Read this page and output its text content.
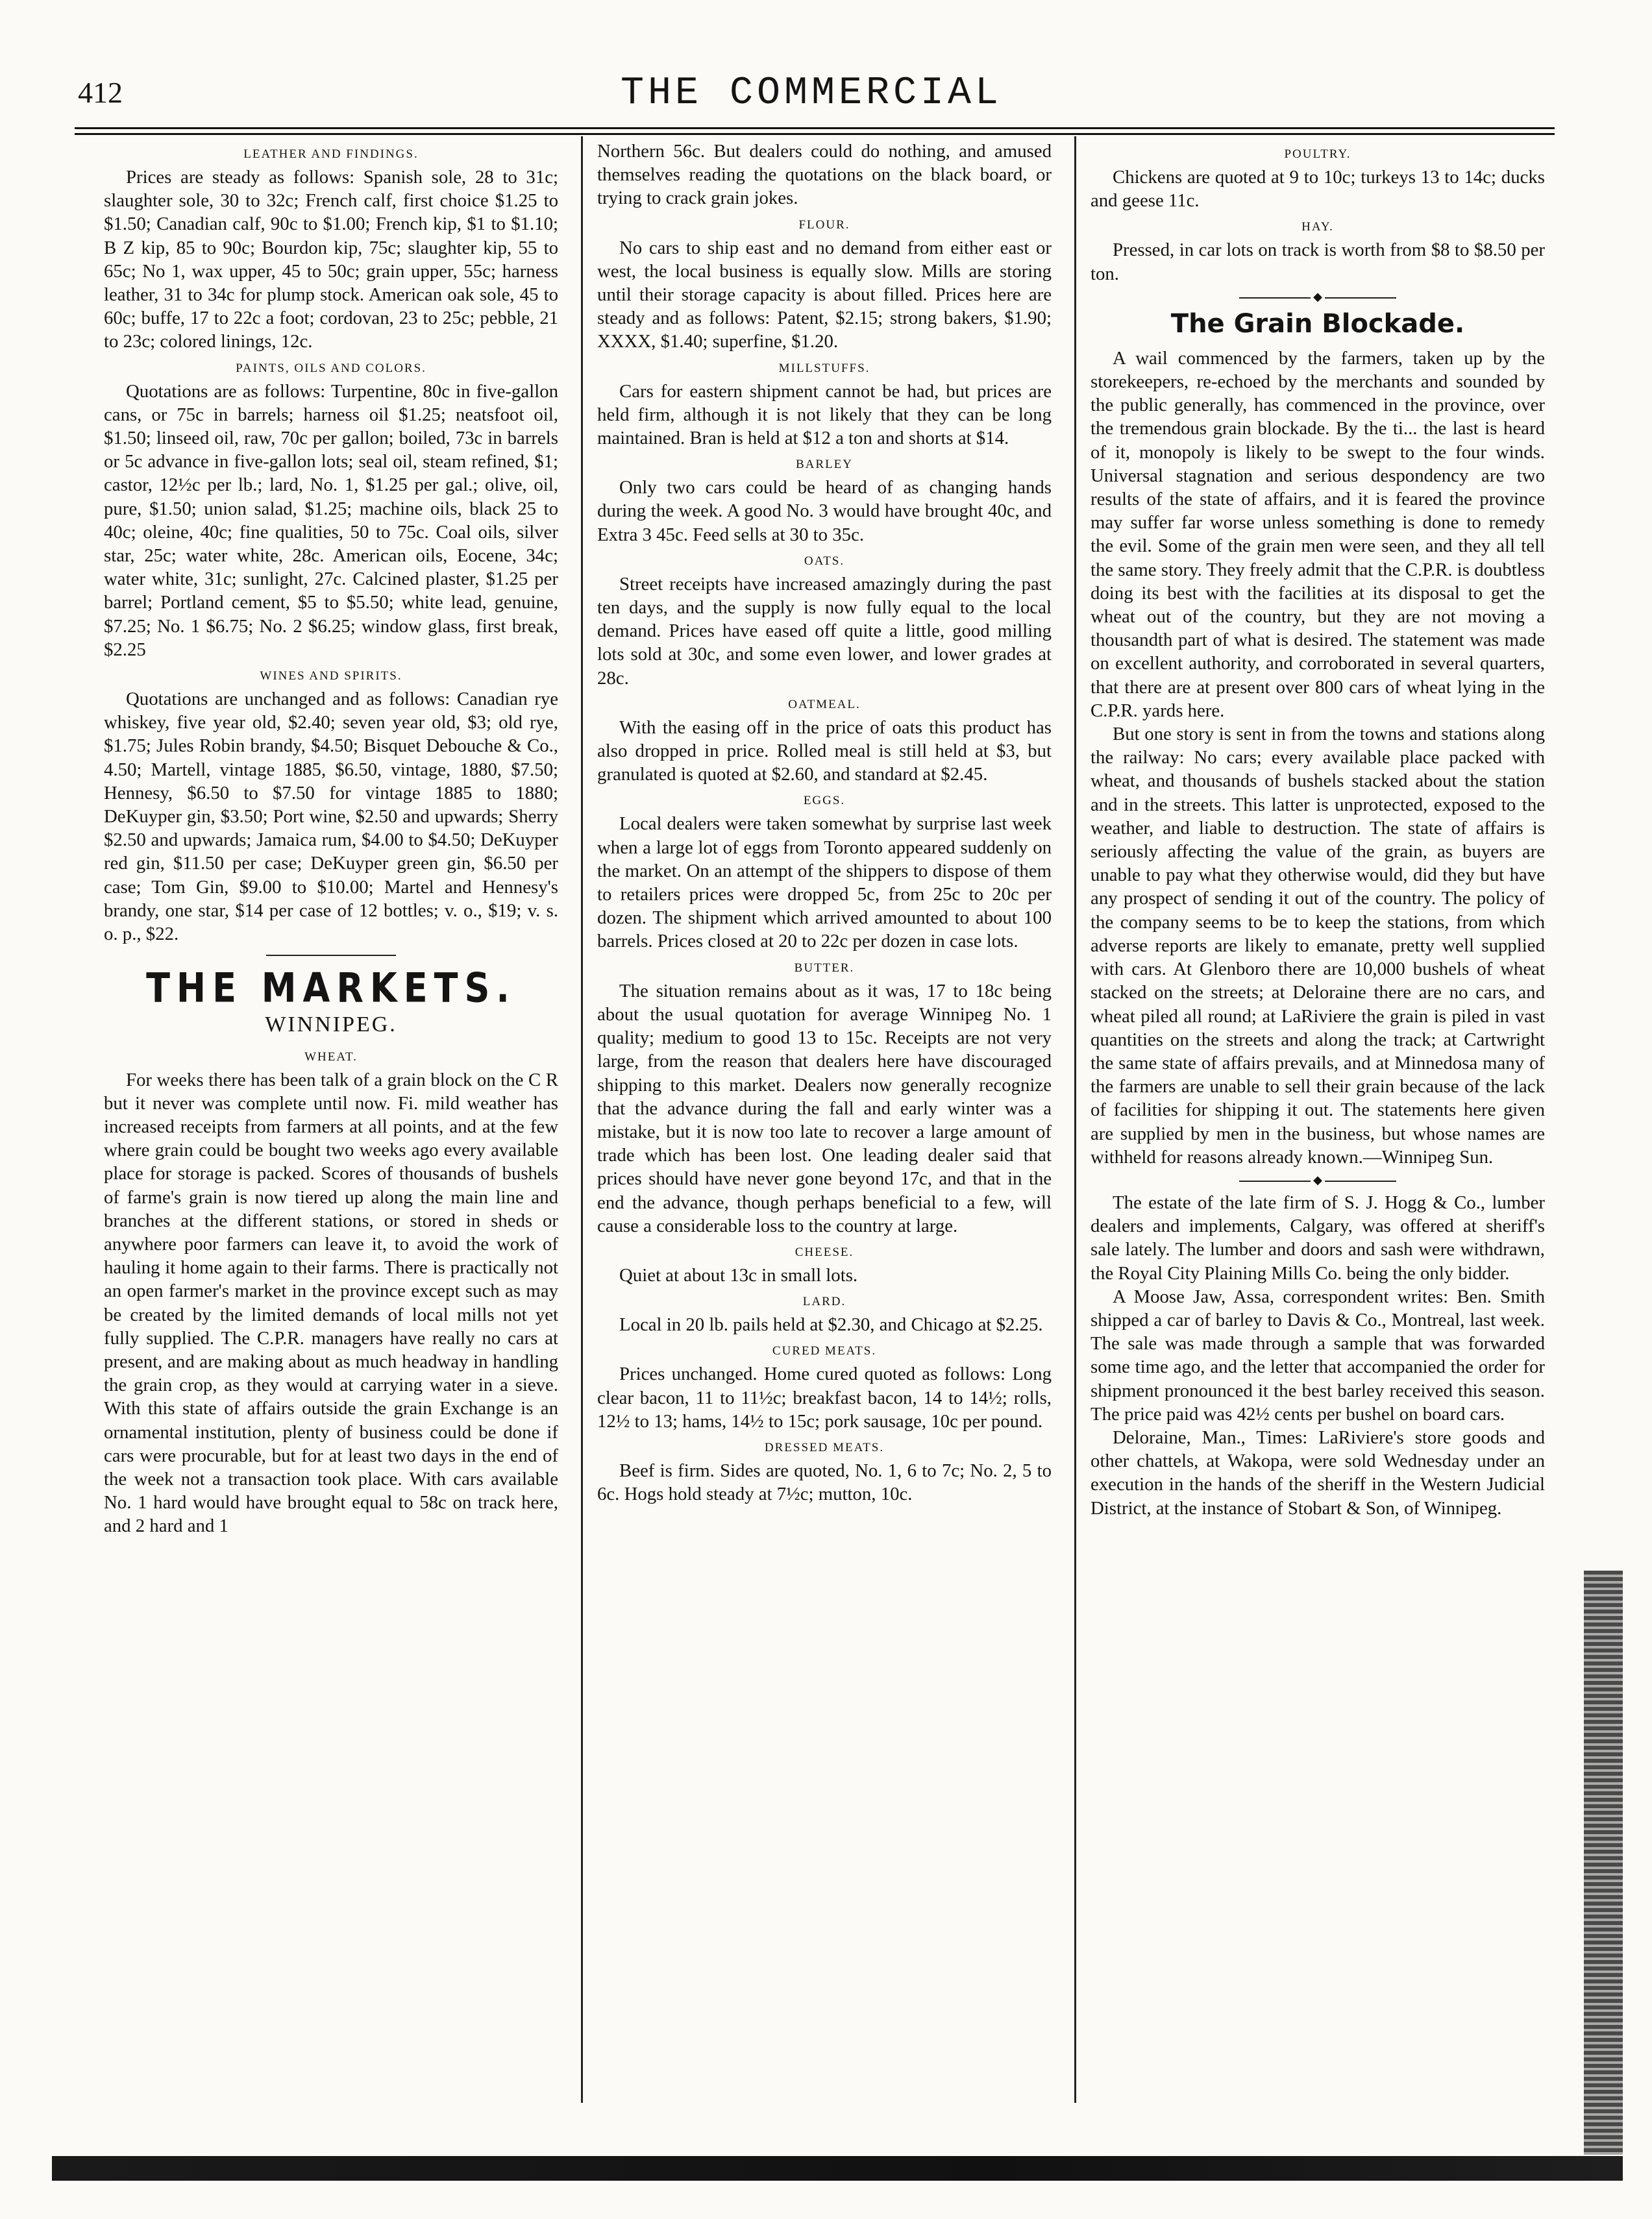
412	THE COMMERCIAL
LEATHER AND FINDINGS.

Prices are steady as follows: Spanish sole, 28 to 31c; slaughter sole, 30 to 32c; French calf, first choice $1.25 to $1.50; Canadian calf, 90c to $1.00; French kip, $1 to $1.10; B Z kip, 85 to 90c; Bourdon kip, 75c; slaughter kip, 55 to 65c; No 1, wax upper, 45 to 50c; grain upper, 55c; harness leather, 31 to 34c for plump stock. American oak sole, 45 to 60c; buffe, 17 to 22c a foot; cordovan, 23 to 25c; pebble, 21 to 23c; colored linings, 12c.

PAINTS, OILS AND COLORS.

Quotations are as follows: Turpentine, 80c in five-gallon cans, or 75c in barrels; harness oil $1.25; neatsfoot oil, $1.50; linseed oil, raw, 70c per gallon; boiled, 73c in barrels or 5c advance in five-gallon lots; seal oil, steam refined, $1; castor, 12½c per lb.; lard, No. 1, $1.25 per gal.; olive, oil, pure, $1.50; union salad, $1.25; machine oils, black 25 to 40c; oleine, 40c; fine qualities, 50 to 75c. Coal oils, silver star, 25c; water white, 28c. American oils, Eocene, 34c; water white, 31c; sunlight, 27c. Calcined plaster, $1.25 per barrel; Portland cement, $5 to $5.50; white lead, genuine, $7.25; No. 1 $6.75; No. 2 $6.25; window glass, first break, $2.25

WINES AND SPIRITS.

Quotations are unchanged and as follows: Canadian rye whiskey, five year old, $2.40; seven year old, $3; old rye, $1.75; Jules Robin brandy, $4.50; Bisquet Debouche & Co., 4.50; Martell, vintage 1885, $6.50, vintage, 1880, $7.50; Hennesy, $6.50 to $7.50 for vintage 1885 to 1880; DeKuyper gin, $3.50; Port wine, $2.50 and upwards; Sherry $2.50 and upwards; Jamaica rum, $4.00 to $4.50; DeKuyper red gin, $11.50 per case; DeKuyper green gin, $6.50 per case; Tom Gin, $9.00 to $10.00; Martel and Hennesy's brandy, one star, $14 per case of 12 bottles; v. o., $19; v. s. o. p., $22.

THE MARKETS.
WINNIPEG.
WHEAT.

For weeks there has been talk of a grain block on the C R but it never was complete until now. Fi. mild weather has increased receipts from farmers at all points, and at the few where grain could be bought two weeks ago every available place for storage is packed. Scores of thousands of bushels of farme's grain is now tiered up along the main line and branches at the different stations, or stored in sheds or anywhere poor farmers can leave it, to avoid the work of hauling it home again to their farms. There is practically not an open farmer's market in the province except such as may be created by the limited demands of local mills not yet fully supplied. The C.P.R. managers have really no cars at present, and are making about as much headway in handling the grain crop, as they would at carrying water in a sieve. With this state of affairs outside the grain Exchange is an ornamental institution, plenty of business could be done if cars were procurable, but for at least two days in the end of the week not a transaction took place. With cars available No. 1 hard would have brought equal to 58c on track here, and 2 hard and 1

Northern 56c. But dealers could do nothing, and amused themselves reading the quotations on the black board, or trying to crack grain jokes.

FLOUR.

No cars to ship east and no demand from either east or west, the local business is equally slow. Mills are storing until their storage capacity is about filled. Prices here are steady and as follows: Patent, $2.15; strong bakers, $1.90; XXXX, $1.40; superfine, $1.20.

MILLSTUFFS.

Cars for eastern shipment cannot be had, but prices are held firm, although it is not likely that they can be long maintained. Bran is held at $12 a ton and shorts at $14.

BARLEY

Only two cars could be heard of as changing hands during the week. A good No. 3 would have brought 40c, and Extra 3 45c. Feed sells at 30 to 35c.

OATS.

Street receipts have increased amazingly during the past ten days, and the supply is now fully equal to the local demand. Prices have eased off quite a little, good milling lots sold at 30c, and some even lower, and lower grades at 28c.

OATMEAL.

With the easing off in the price of oats this product has also dropped in price. Rolled meal is still held at $3, but granulated is quoted at $2.60, and standard at $2.45.

EGGS.

Local dealers were taken somewhat by surprise last week when a large lot of eggs from Toronto appeared suddenly on the market. On an attempt of the shippers to dispose of them to retailers prices were dropped 5c, from 25c to 20c per dozen. The shipment which arrived amounted to about 100 barrels. Prices closed at 20 to 22c per dozen in case lots.

BUTTER.

The situation remains about as it was, 17 to 18c being about the usual quotation for average Winnipeg No. 1 quality; medium to good 13 to 15c. Receipts are not very large, from the reason that dealers here have discouraged shipping to this market. Dealers now generally recognize that the advance during the fall and early winter was a mistake, but it is now too late to recover a large amount of trade which has been lost. One leading dealer said that prices should have never gone beyond 17c, and that in the end the advance, though perhaps beneficial to a few, will cause a considerable loss to the country at large.

CHEESE.

Quiet at about 13c in small lots.

LARD.

Local in 20 lb. pails held at $2.30, and Chicago at $2.25.

CURED MEATS.

Prices unchanged. Home cured quoted as follows: Long clear bacon, 11 to 11½c; breakfast bacon, 14 to 14½; rolls, 12½ to 13; hams, 14½ to 15c; pork sausage, 10c per pound.

DRESSED MEATS.

Beef is firm. Sides are quoted, No. 1, 6 to 7c; No. 2, 5 to 6c. Hogs hold steady at 7½c; mutton, 10c.

POULTRY.

Chickens are quoted at 9 to 10c; turkeys 13 to 14c; ducks and geese 11c.

HAY.

Pressed, in car lots on track is worth from $8 to $8.50 per ton.

◆
The Grain Blockade.

A wail commenced by the farmers, taken up by the storekeepers, re-echoed by the merchants and sounded by the public generally, has commenced in the province, over the tremendous grain blockade. By the ti... the last is heard of it, monopoly is likely to be swept to the four winds. Universal stagnation and serious despondency are two results of the state of affairs, and it is feared the province may suffer far worse unless something is done to remedy the evil. Some of the grain men were seen, and they all tell the same story. They freely admit that the C.P.R. is doubtless doing its best with the facilities at its disposal to get the wheat out of the country, but they are not moving a thousandth part of what is desired. The statement was made on excellent authority, and corroborated in several quarters, that there are at present over 800 cars of wheat lying in the C.P.R. yards here.

But one story is sent in from the towns and stations along the railway: No cars; every available place packed with wheat, and thousands of bushels stacked about the station and in the streets. This latter is unprotected, exposed to the weather, and liable to destruction. The state of affairs is seriously affecting the value of the grain, as buyers are unable to pay what they otherwise would, did they but have any prospect of sending it out of the country. The policy of the company seems to be to keep the stations, from which adverse reports are likely to emanate, pretty well supplied with cars. At Glenboro there are 10,000 bushels of wheat stacked on the streets; at Deloraine there are no cars, and wheat piled all round; at LaRiviere the grain is piled in vast quantities on the streets and along the track; at Cartwright the same state of affairs prevails, and at Minnedosa many of the farmers are unable to sell their grain because of the lack of facilities for shipping it out. The statements here given are supplied by men in the business, but whose names are withheld for reasons already known.—Winnipeg Sun.

◆

The estate of the late firm of S. J. Hogg & Co., lumber dealers and implements, Calgary, was offered at sheriff's sale lately. The lumber and doors and sash were withdrawn, the Royal City Plaining Mills Co. being the only bidder.

A Moose Jaw, Assa, correspondent writes: Ben. Smith shipped a car of barley to Davis & Co., Montreal, last week. The sale was made through a sample that was forwarded some time ago, and the letter that accompanied the order for shipment pronounced it the best barley received this season. The price paid was 42½ cents per bushel on board cars.

Deloraine, Man., Times: LaRiviere's store goods and other chattels, at Wakopa, were sold Wednesday under an execution in the hands of the sheriff in the Western Judicial District, at the instance of Stobart & Son, of Winnipeg.
